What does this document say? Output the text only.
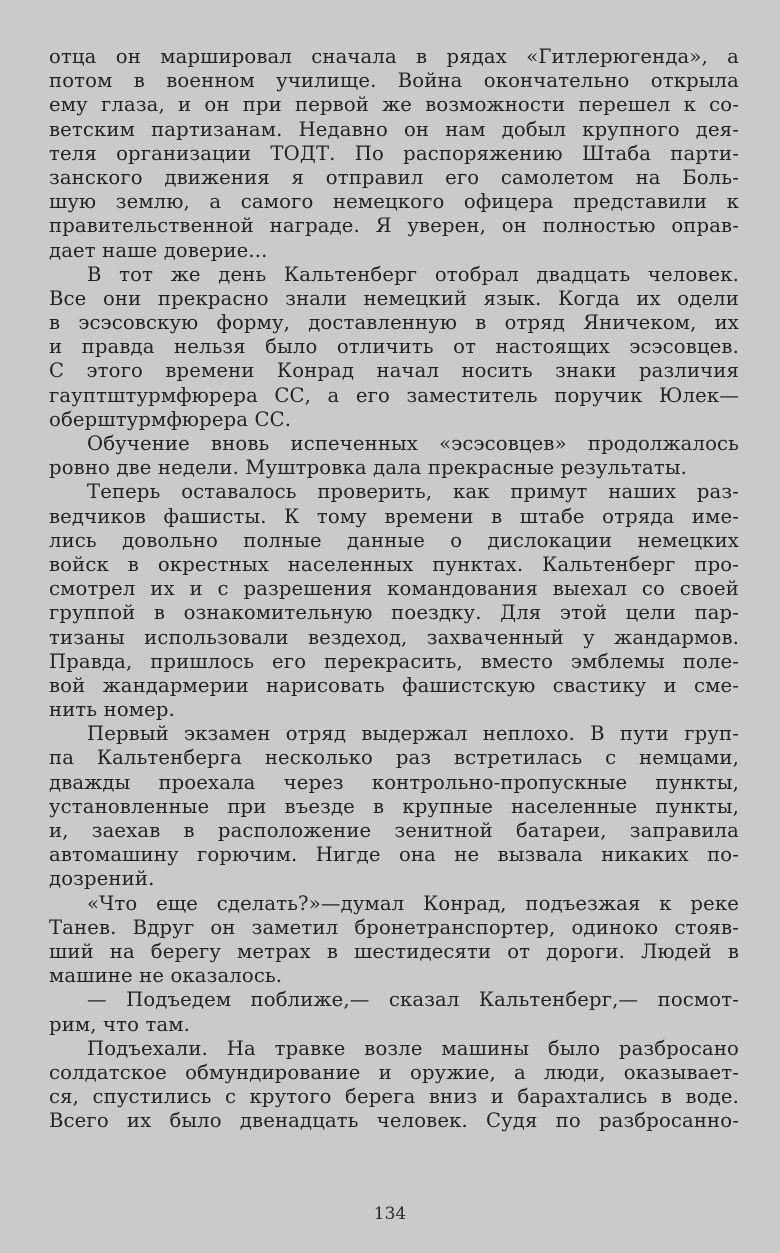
отца он маршировал сначала в рядах «Гитлерюгенда», а
потом в военном училище. Война окончательно открыла
ему глаза, и он при первой же возможности перешел к со-
ветским партизанам. Недавно он нам добыл крупного дея-
теля организации ТОДТ. По распоряжению Штаба парти-
занского движения я отправил его самолетом на Боль-
шую землю, а самого немецкого офицера представили к
правительственной награде. Я уверен, он полностью оправ-
дает наше доверие...
В тот же день Кальтенберг отобрал двадцать человек.
Все они прекрасно знали немецкий язык. Когда их одели
в эсэсовскую форму, доставленную в отряд Яничеком, их
и правда нельзя было отличить от настоящих эсэсовцев.
С этого времени Конрад начал носить знаки различия
гауптштурмфюрера СС, а его заместитель поручик Юлек—
оберштурмфюрера СС.
Обучение вновь испеченных «эсэсовцев» продолжалось
ровно две недели. Муштровка дала прекрасные результаты.
Теперь оставалось проверить, как примут наших раз-
ведчиков фашисты. К тому времени в штабе отряда име-
лись довольно полные данные о дислокации немецких
войск в окрестных населенных пунктах. Кальтенберг про-
смотрел их и с разрешения командования выехал со своей
группой в ознакомительную поездку. Для этой цели пар-
тизаны использовали вездеход, захваченный у жандармов.
Правда, пришлось его перекрасить, вместо эмблемы поле-
вой жандармерии нарисовать фашистскую свастику и сме-
нить номер.
Первый экзамен отряд выдержал неплохо. В пути груп-
па Кальтенберга несколько раз встретилась с немцами,
дважды проехала через контрольно-пропускные пункты,
установленные при въезде в крупные населенные пункты,
и, заехав в расположение зенитной батареи, заправила
автомашину горючим. Нигде она не вызвала никаких по-
дозрений.
«Что еще сделать?»—думал Конрад, подъезжая к реке
Танев. Вдруг он заметил бронетранспортер, одиноко стояв-
ший на берегу метрах в шестидесяти от дороги. Людей в
машине не оказалось.
— Подъедем поближе,— сказал Кальтенберг,— посмот-
рим, что там.
Подъехали. На травке возле машины было разбросано
солдатское обмундирование и оружие, а люди, оказывает-
ся, спустились с крутого берега вниз и барахтались в воде.
Всего их было двенадцать человек. Судя по разбросанно-
134
